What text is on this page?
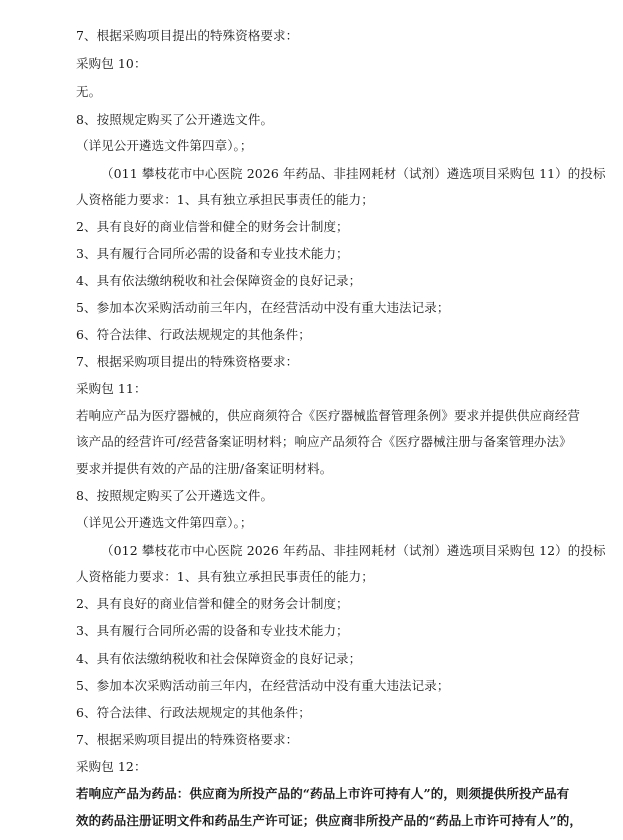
7、根据采购项目提出的特殊资格要求：
采购包 10：
无。
8、按照规定购买了公开遴选文件。
（详见公开遴选文件第四章）。；
（011 攀枝花市中心医院 2026 年药品、非挂网耗材（试剂）遴选项目采购包 11）的投标
人资格能力要求：1、具有独立承担民事责任的能力；
2、具有良好的商业信誉和健全的财务会计制度；
3、具有履行合同所必需的设备和专业技术能力；
4、具有依法缴纳税收和社会保障资金的良好记录；
5、参加本次采购活动前三年内，在经营活动中没有重大违法记录；
6、符合法律、行政法规规定的其他条件；
7、根据采购项目提出的特殊资格要求：
采购包 11：
若响应产品为医疗器械的，供应商须符合《医疗器械监督管理条例》要求并提供供应商经营
该产品的经营许可/经营备案证明材料；响应产品须符合《医疗器械注册与备案管理办法》
要求并提供有效的产品的注册/备案证明材料。
8、按照规定购买了公开遴选文件。
（详见公开遴选文件第四章）。；
（012 攀枝花市中心医院 2026 年药品、非挂网耗材（试剂）遴选项目采购包 12）的投标
人资格能力要求：1、具有独立承担民事责任的能力；
2、具有良好的商业信誉和健全的财务会计制度；
3、具有履行合同所必需的设备和专业技术能力；
4、具有依法缴纳税收和社会保障资金的良好记录；
5、参加本次采购活动前三年内，在经营活动中没有重大违法记录；
6、符合法律、行政法规规定的其他条件；
7、根据采购项目提出的特殊资格要求：
采购包 12：
若响应产品为药品：供应商为所投产品的“药品上市许可持有人”的，则须提供所投产品有
效的药品注册证明文件和药品生产许可证；供应商非所投产品的“药品上市许可持有人”的，
